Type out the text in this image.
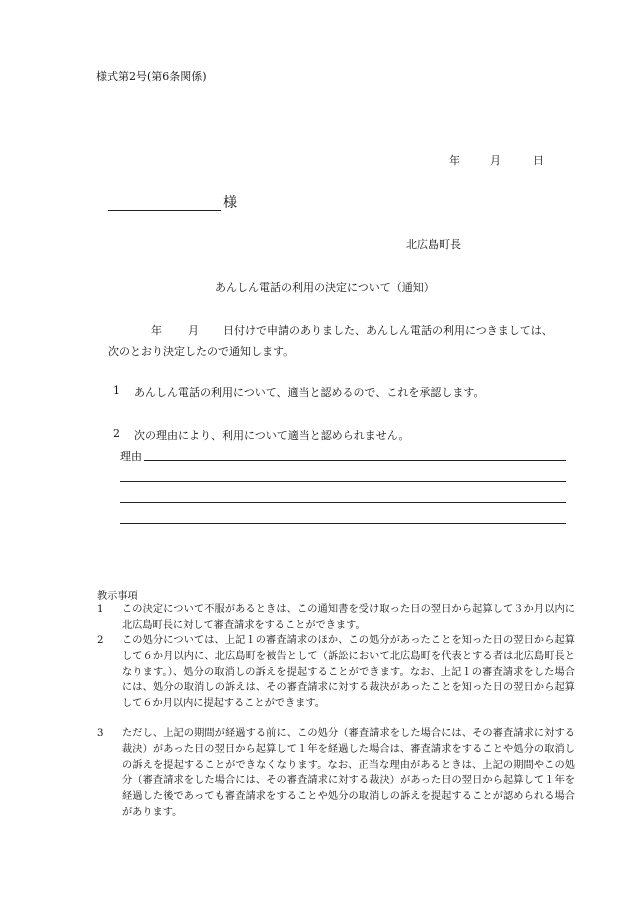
様式第2号(第6条関係)
年	月	日
様
北広島町長
あんしん電話の利用の決定について（通知）
年 月 日付けで申請のありました、あんしん電話の利用につきましては、
次のとおり決定したので通知します。
1 あんしん電話の利用について、適当と認めるので、これを承認します。
2 次の理由により、利用について適当と認められません。
理由
教示事項
1 この決定について不服があるときは、この通知書を受け取った日の翌日から起算して３か月以内に北広島町長に対して審査請求をすることができます。
2 この処分については、上記１の審査請求のほか、この処分があったことを知った日の翌日から起算して６か月以内に、北広島町を被告として（訴訟において北広島町を代表とする者は北広島町長となります。）、処分の取消しの訴えを提起することができます。なお、上記１の審査請求をした場合には、処分の取消しの訴えは、その審査請求に対する裁決があったことを知った日の翌日から起算して６か月以内に提起することができます。
3 ただし、上記の期間が経過する前に、この処分（審査請求をした場合には、その審査請求に対する裁決）があった日の翌日から起算して１年を経過した場合は、審査請求をすることや処分の取消しの訴えを提起することができなくなります。なお、正当な理由があるときは、上記の期間やこの処分（審査請求をした場合には、その審査請求に対する裁決）があった日の翌日から起算して１年を経過した後であっても審査請求をすることや処分の取消しの訴えを提起することが認められる場合があります。
